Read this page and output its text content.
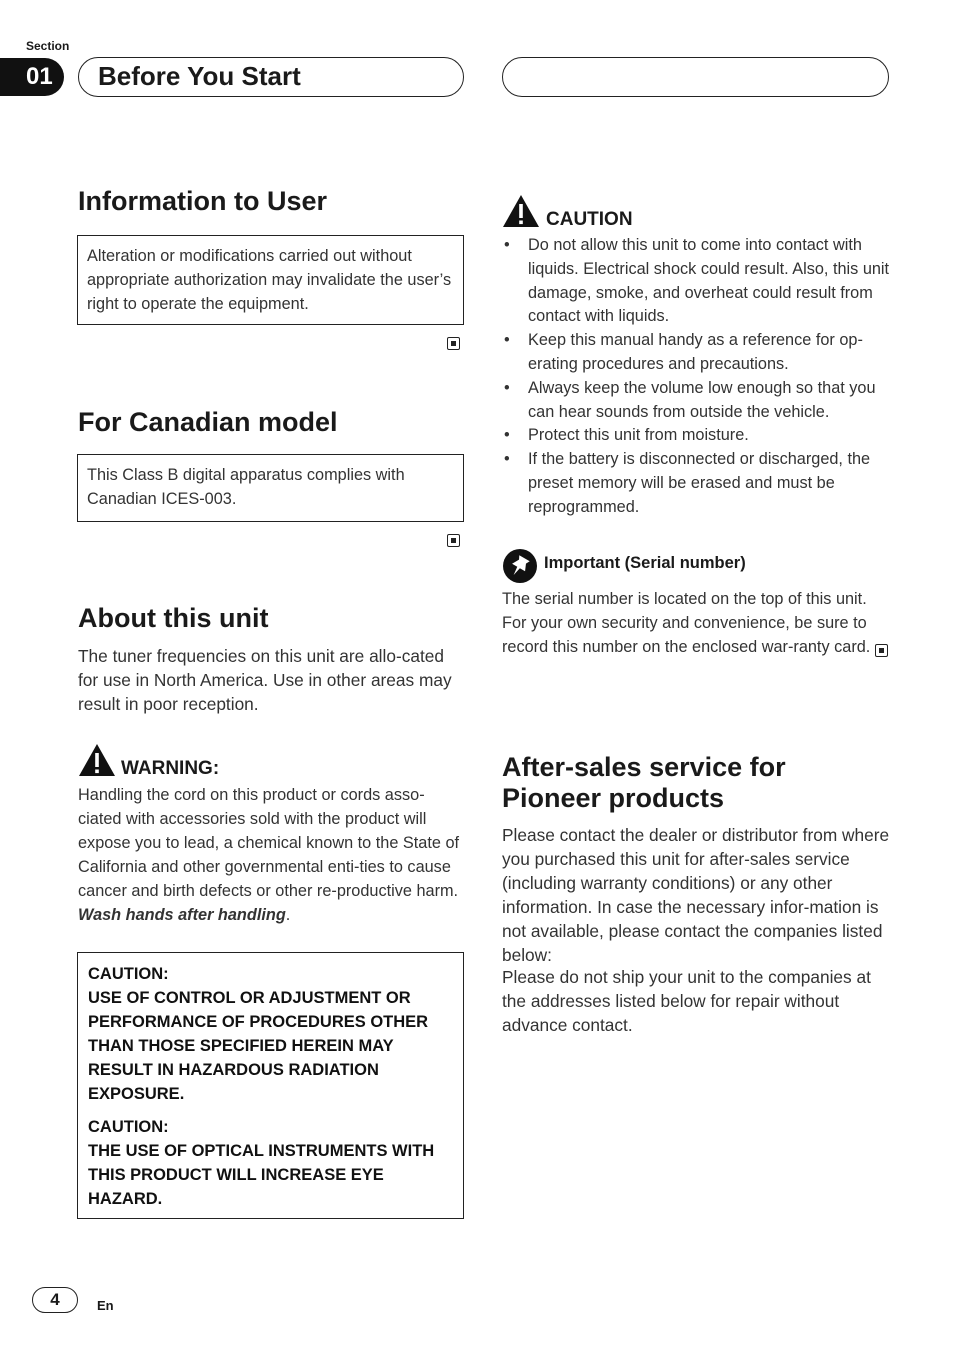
Section
01	Before You Start
Information to User
Alteration or modifications carried out without appropriate authorization may invalidate the user’s right to operate the equipment.
For Canadian model
This Class B digital apparatus complies with Canadian ICES-003.
About this unit
The tuner frequencies on this unit are allo-cated for use in North America. Use in other areas may result in poor reception.
WARNING:
Handling the cord on this product or cords asso-ciated with accessories sold with the product will expose you to lead, a chemical known to the State of California and other governmental enti-ties to cause cancer and birth defects or other re-productive harm. Wash hands after handling.

CAUTION:

USE OF CONTROL OR ADJUSTMENT OR PERFORMANCE OF PROCEDURES OTHER THAN THOSE SPECIFIED HEREIN MAY RESULT IN HAZARDOUS RADIATION EXPOSURE.

CAUTION:

THE USE OF OPTICAL INSTRUMENTS WITH THIS PRODUCT WILL INCREASE EYE HAZARD.

CAUTION
• Do not allow this unit to come into contact with liquids. Electrical shock could result. Also, this unit damage, smoke, and overheat could result from contact with liquids.
• Keep this manual handy as a reference for op-erating procedures and precautions.
• Always keep the volume low enough so that you can hear sounds from outside the vehicle.
• Protect this unit from moisture.
• If the battery is disconnected or discharged, the preset memory will be erased and must be reprogrammed.
Important (Serial number)
The serial number is located on the top of this unit. For your own security and convenience, be sure to record this number on the enclosed war-ranty card.
After-sales service for Pioneer products
Please contact the dealer or distributor from where you purchased this unit for after-sales service (including warranty conditions) or any other information. In case the necessary infor-mation is not available, please contact the companies listed below:
Please do not ship your unit to the companies at the addresses listed below for repair without advance contact.
4	En
